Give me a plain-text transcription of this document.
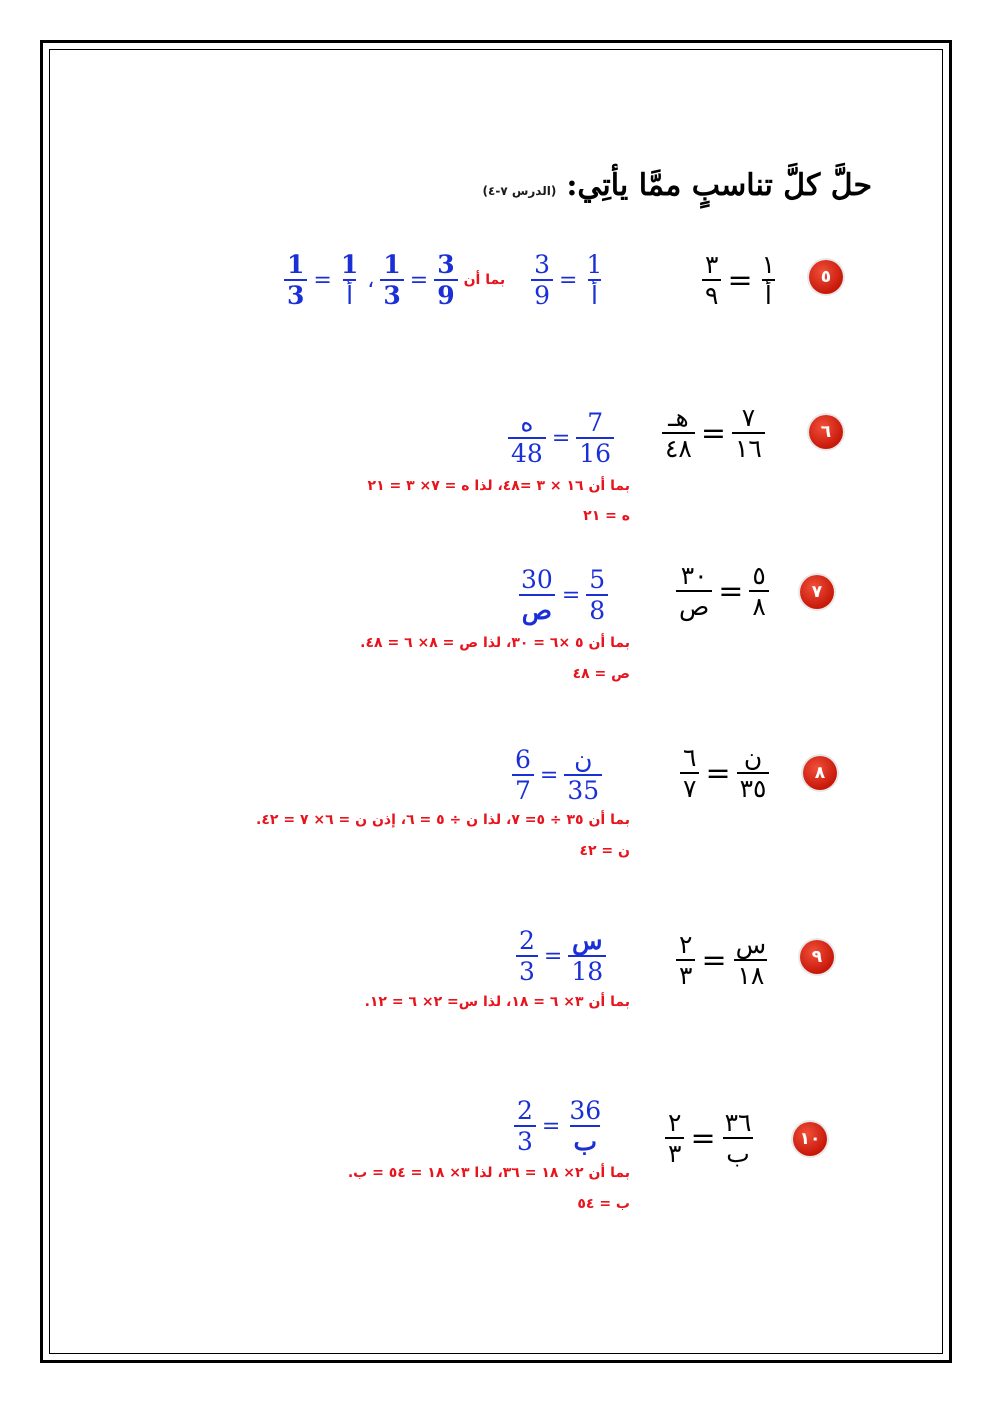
حلَّ كلَّ تناسبٍ ممَّا يأتِي:
(الدرس ٧-٤)
٥
$\frac{٣}{٩} = \frac{١}{\text{أ}}$
$\frac{1}{3} = \frac{1}{\text{أ}}$ ، $\frac{1}{3} = \frac{3}{9}$ بما أن $\frac{3}{9} = \frac{1}{\text{أ}}$
٦
$\frac{\text{هـ}}{٤٨} = \frac{٧}{١٦}$
$\frac{\text{ه}}{48} = \frac{7}{16}$
بما أن ١٦ × ٣ =٤٨، لذا ه = ٧× ٣ = ٢١
ه = ٢١
٧
$\frac{٣٠}{\text{ص}} = \frac{٥}{٨}$
$\frac{30}{\text{ص}} = \frac{5}{8}$
بما أن ٥ ×٦ = ٣٠، لذا ص = ٨× ٦ = ٤٨.
ص = ٤٨
٨
$\frac{٦}{٧} = \frac{\text{ن}}{٣٥}$
$\frac{6}{7} = \frac{\text{ن}}{35}$
بما أن ٣٥ ÷ ٥= ٧، لذا ن ÷ ٥ = ٦، إذن ن = ٦× ٧ = ٤٢.
ن = ٤٢
٩
$\frac{٢}{٣} = \frac{\text{س}}{١٨}$
$\frac{2}{3} = \frac{\text{س}}{18}$
بما أن ٣× ٦ = ١٨، لذا س= ٢× ٦ = ١٢.
١٠
$\frac{٢}{٣} = \frac{٣٦}{\text{ب}}$
$\frac{2}{3} = \frac{36}{\text{ب}}$
بما أن ٢× ١٨ = ٣٦، لذا ٣× ١٨ = ٥٤ = ب.
ب = ٥٤
